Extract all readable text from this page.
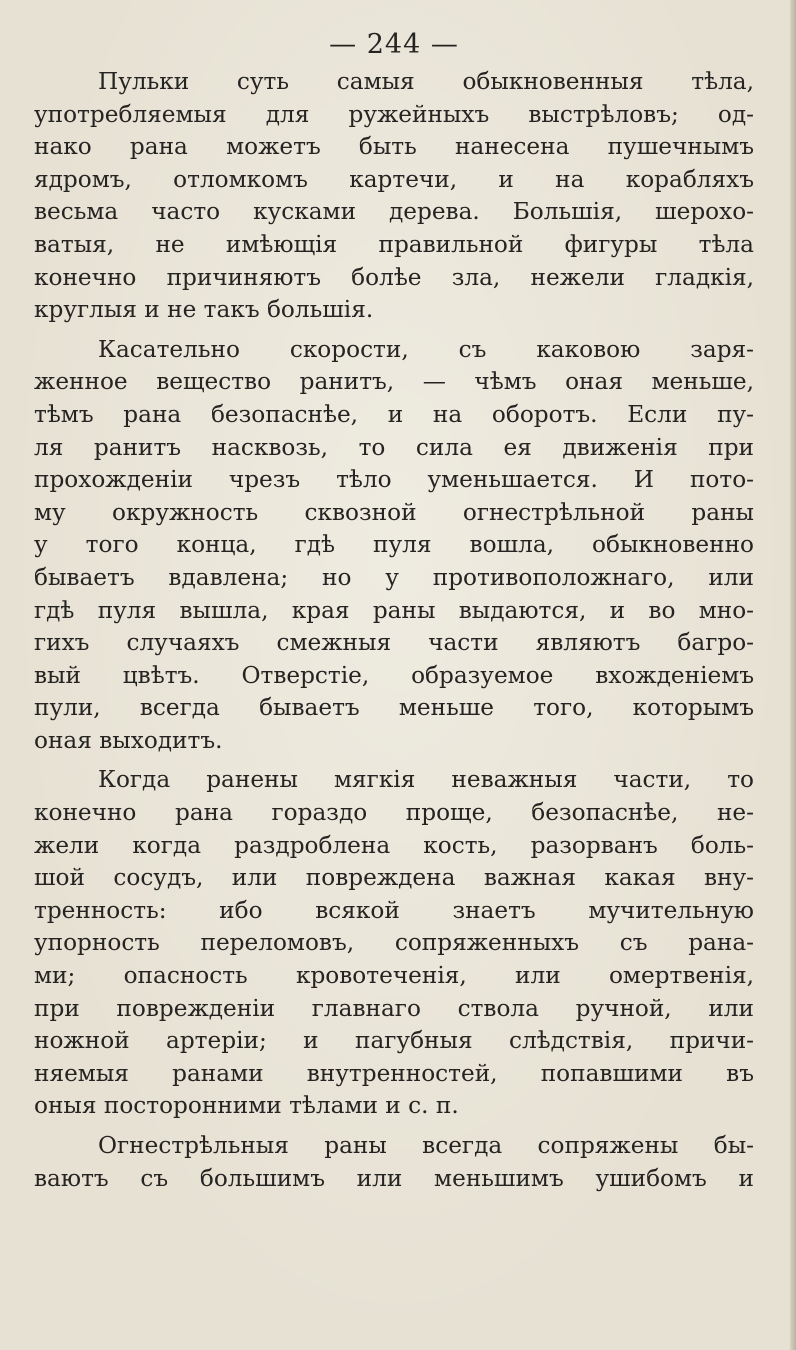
— 244 —

Пульки суть самыя обыкновенныя тѣла,
употребляемыя для ружейныхъ выстрѣловъ; од-
нако рана можетъ быть нанесена пушечнымъ
ядромъ, отломкомъ картечи, и на корабляхъ
весьма часто кусками дерева. Большія, шерохо-
ватыя, не имѣющія правильной фигуры тѣла
конечно причиняютъ болѣе зла, нежели гладкія,
круглыя и не такъ большія.

Касательно скорости, съ каковою заря-
женное вещество ранитъ, — чѣмъ оная меньше,
тѣмъ рана безопаснѣе, и на оборотъ. Если пу-
ля ранитъ насквозь, то сила ея движенія при
прохожденіи чрезъ тѣло уменьшается. И пото-
му окружность сквозной огнестрѣльной раны
у того конца, гдѣ пуля вошла, обыкновенно
бываетъ вдавлена; но у противоположнаго, или
гдѣ пуля вышла, края раны выдаются, и во мно-
гихъ случаяхъ смежныя части являютъ багро-
вый цвѣтъ. Отверстіе, образуемое вхожденіемъ
пули, всегда бываетъ меньше того, которымъ
оная выходитъ.

Когда ранены мягкія неважныя части, то
конечно рана гораздо проще, безопаснѣе, не-
жели когда раздроблена кость, разорванъ боль-
шой сосудъ, или повреждена важная какая вну-
тренность: ибо всякой знаетъ мучительную
упорность переломовъ, сопряженныхъ съ рана-
ми; опасность кровотеченія, или омертвенія,
при поврежденіи главнаго ствола ручной, или
ножной артеріи; и пагубныя слѣдствія, причи-
няемыя ранами внутренностей, попавшими въ
оныя посторонними тѣлами и с. п.

Огнестрѣльныя раны всегда сопряжены бы-
ваютъ съ большимъ или меньшимъ ушибомъ и
